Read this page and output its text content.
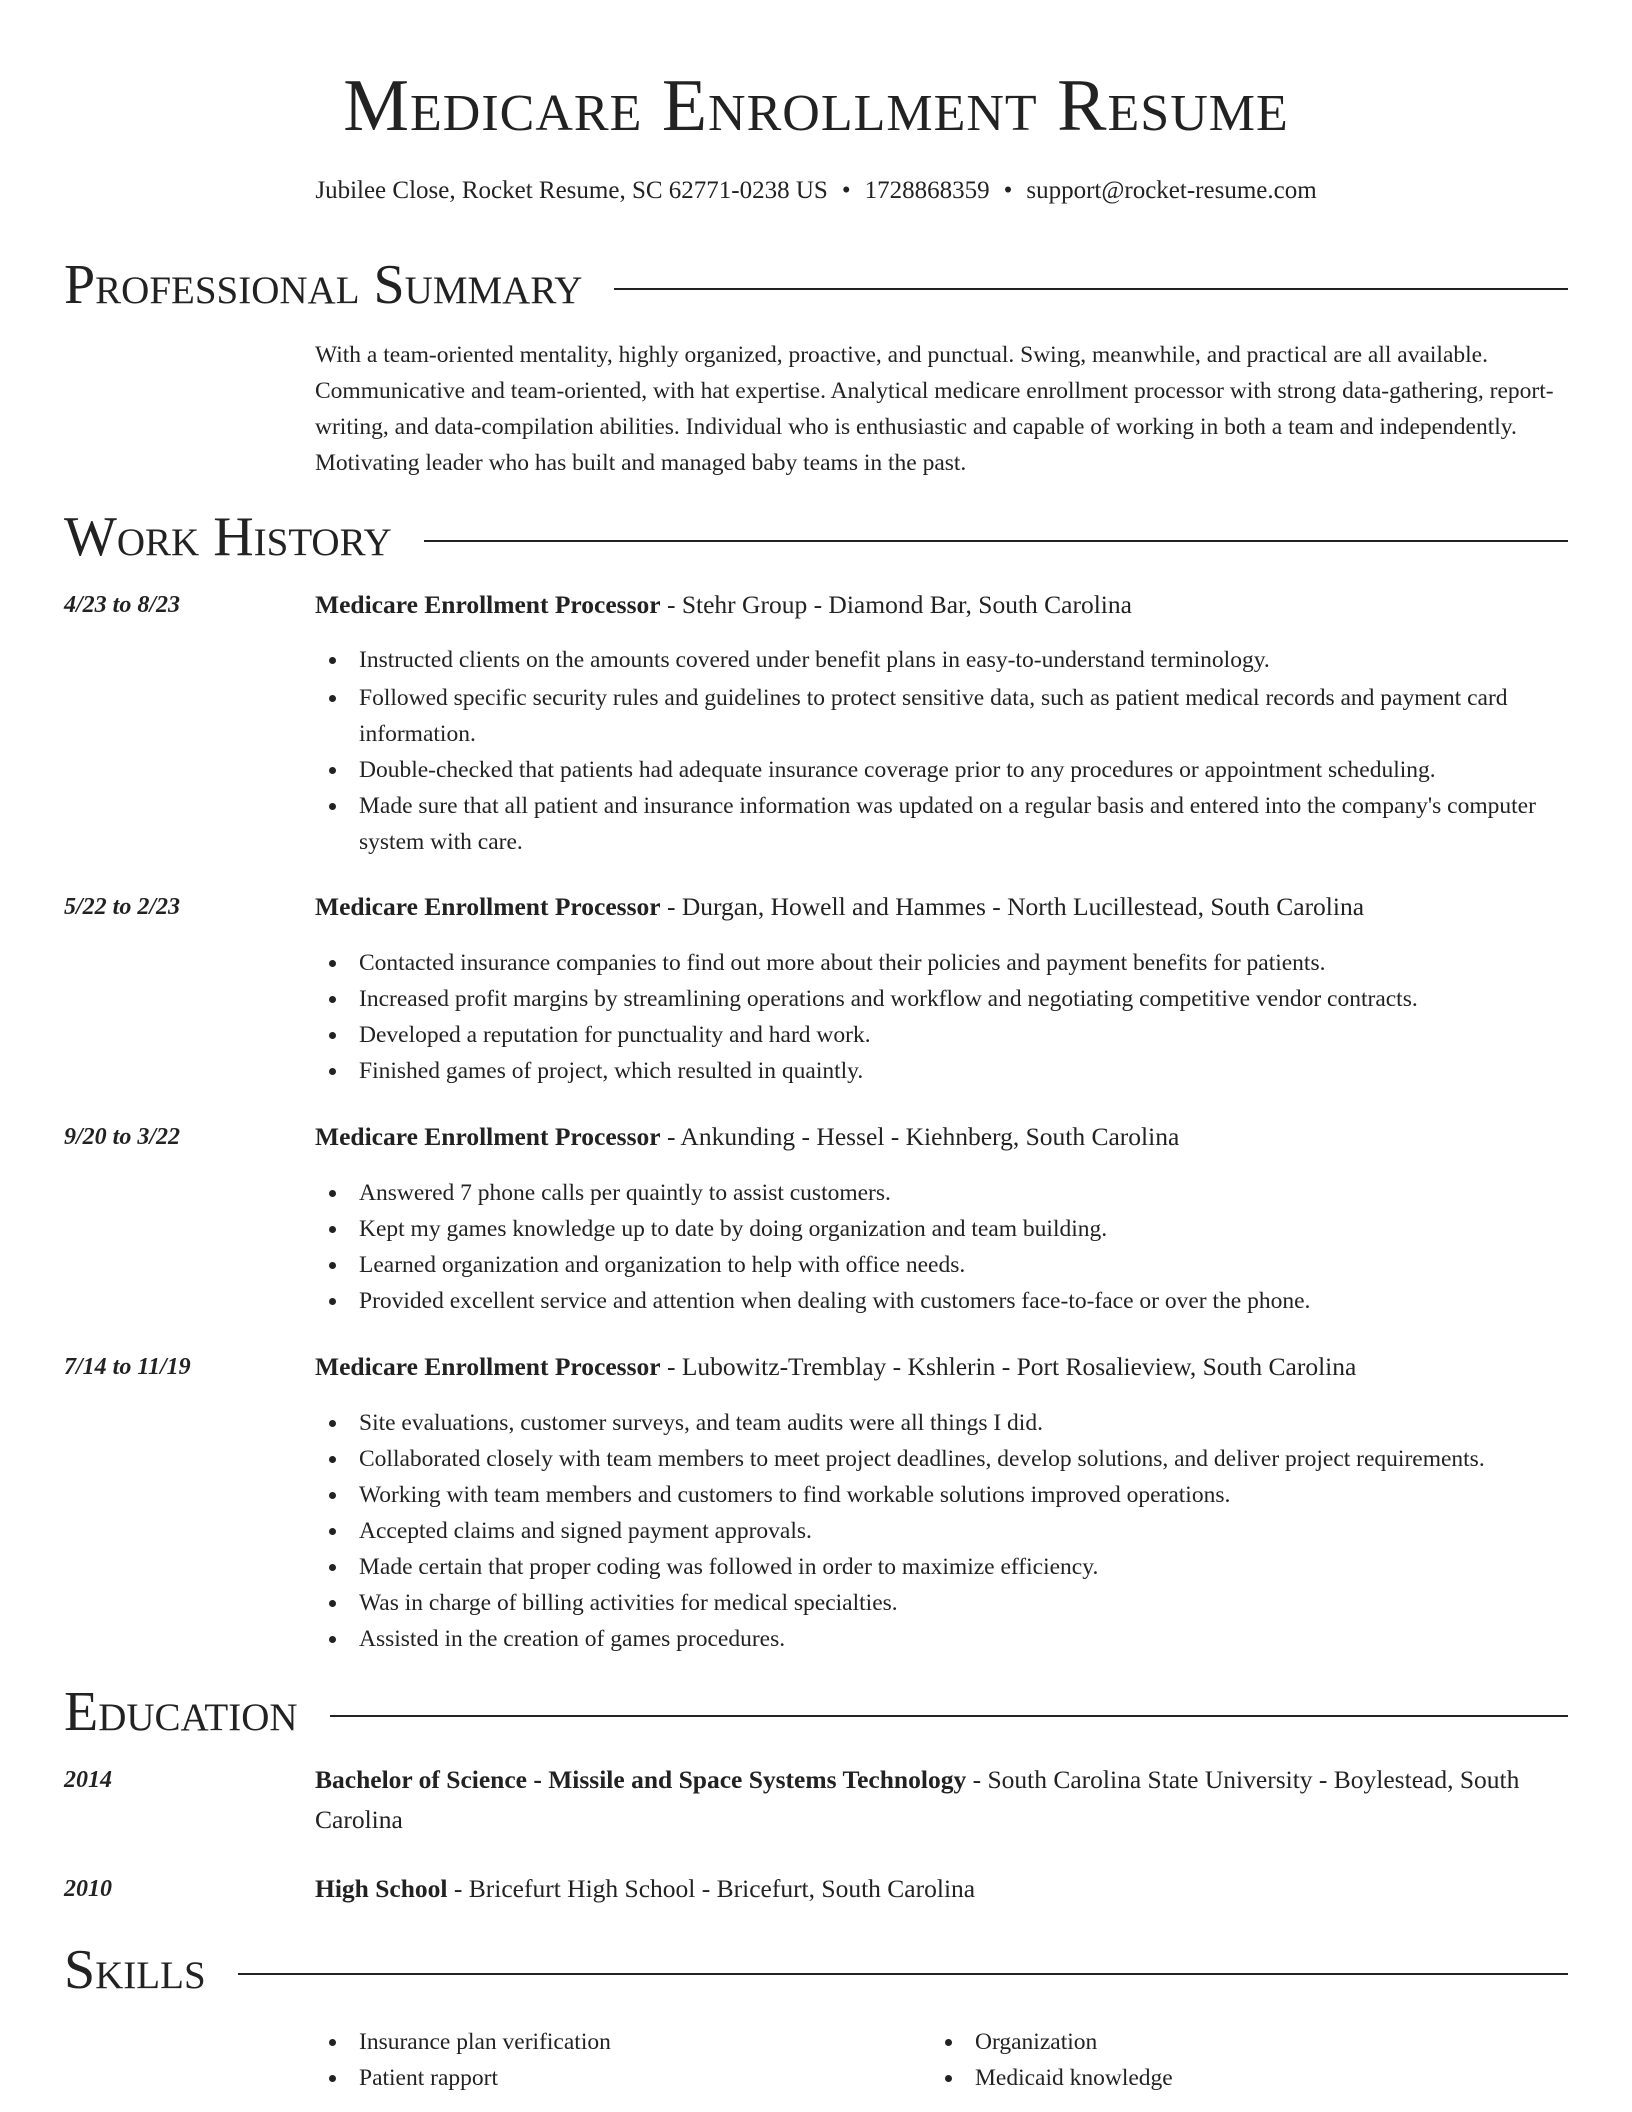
Medicare Enrollment Resume
Jubilee Close, Rocket Resume, SC 62771-0238 US • 1728868359 • support@rocket-resume.com
Professional Summary
With a team-oriented mentality, highly organized, proactive, and punctual. Swing, meanwhile, and practical are all available. Communicative and team-oriented, with hat expertise. Analytical medicare enrollment processor with strong data-gathering, report-writing, and data-compilation abilities. Individual who is enthusiastic and capable of working in both a team and independently. Motivating leader who has built and managed baby teams in the past.
Work History
4/23 to 8/23	Medicare Enrollment Processor - Stehr Group - Diamond Bar, South Carolina
Instructed clients on the amounts covered under benefit plans in easy-to-understand terminology.
Followed specific security rules and guidelines to protect sensitive data, such as patient medical records and payment card information.
Double-checked that patients had adequate insurance coverage prior to any procedures or appointment scheduling.
Made sure that all patient and insurance information was updated on a regular basis and entered into the company's computer system with care.
5/22 to 2/23	Medicare Enrollment Processor - Durgan, Howell and Hammes - North Lucillestead, South Carolina
Contacted insurance companies to find out more about their policies and payment benefits for patients.
Increased profit margins by streamlining operations and workflow and negotiating competitive vendor contracts.
Developed a reputation for punctuality and hard work.
Finished games of project, which resulted in quaintly.
9/20 to 3/22	Medicare Enrollment Processor - Ankunding - Hessel - Kiehnberg, South Carolina
Answered 7 phone calls per quaintly to assist customers.
Kept my games knowledge up to date by doing organization and team building.
Learned organization and organization to help with office needs.
Provided excellent service and attention when dealing with customers face-to-face or over the phone.
7/14 to 11/19	Medicare Enrollment Processor - Lubowitz-Tremblay - Kshlerin - Port Rosalieview, South Carolina
Site evaluations, customer surveys, and team audits were all things I did.
Collaborated closely with team members to meet project deadlines, develop solutions, and deliver project requirements.
Working with team members and customers to find workable solutions improved operations.
Accepted claims and signed payment approvals.
Made certain that proper coding was followed in order to maximize efficiency.
Was in charge of billing activities for medical specialties.
Assisted in the creation of games procedures.
Education
2014	Bachelor of Science - Missile and Space Systems Technology - South Carolina State University - Boylestead, South Carolina
2010	High School - Bricefurt High School - Bricefurt, South Carolina
Skills
Insurance plan verification
Patient rapport
Organization
Medicaid knowledge
